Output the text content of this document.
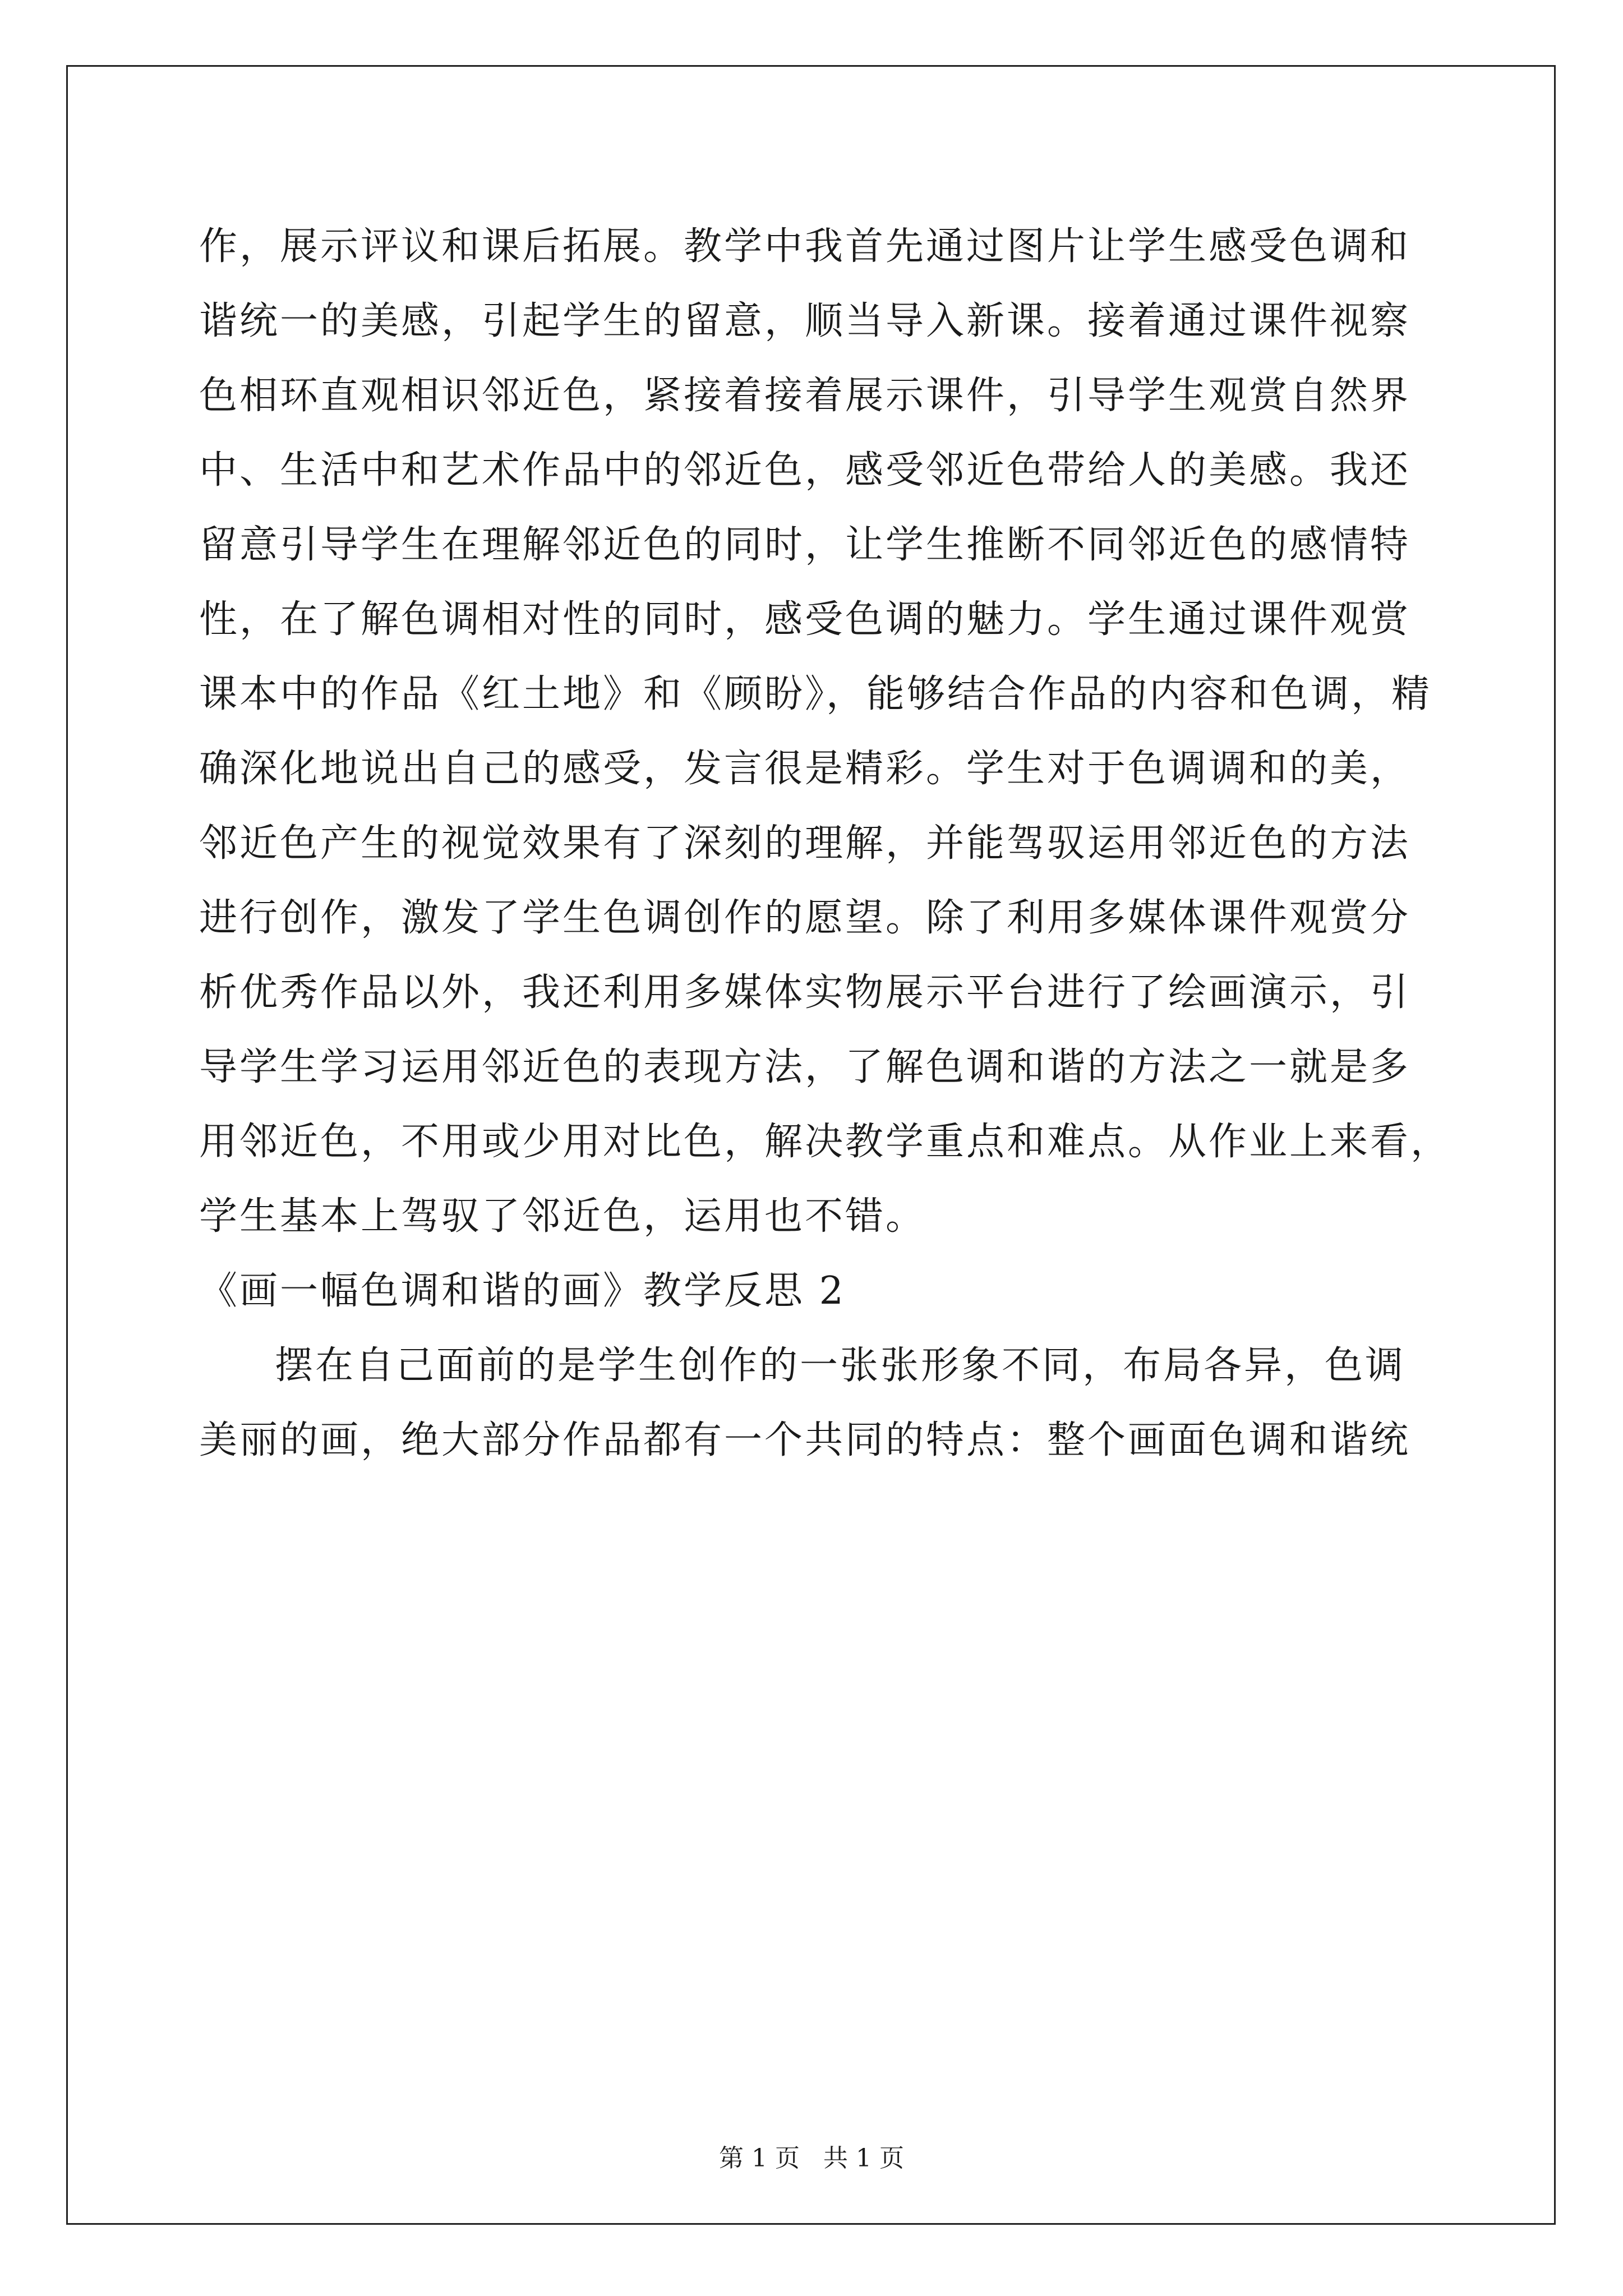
作，展示评议和课后拓展。教学中我首先通过图片让学生感受色调和
谐统一的美感，引起学生的留意，顺当导入新课。接着通过课件视察
色相环直观相识邻近色，紧接着接着展示课件，引导学生观赏自然界
中、生活中和艺术作品中的邻近色，感受邻近色带给人的美感。我还
留意引导学生在理解邻近色的同时，让学生推断不同邻近色的感情特
性，在了解色调相对性的同时，感受色调的魅力。学生通过课件观赏
课本中的作品《红土地》和《顾盼》，能够结合作品的内容和色调，精
确深化地说出自己的感受，发言很是精彩。学生对于色调调和的美，
邻近色产生的视觉效果有了深刻的理解，并能驾驭运用邻近色的方法
进行创作，激发了学生色调创作的愿望。除了利用多媒体课件观赏分
析优秀作品以外，我还利用多媒体实物展示平台进行了绘画演示，引
导学生学习运用邻近色的表现方法，了解色调和谐的方法之一就是多
用邻近色，不用或少用对比色，解决教学重点和难点。从作业上来看，
学生基本上驾驭了邻近色，运用也不错。
《画一幅色调和谐的画》教学反思 2
摆在自己面前的是学生创作的一张张形象不同，布局各异，色调
美丽的画，绝大部分作品都有一个共同的特点：整个画面色调和谐统
第 1 页   共 1 页
